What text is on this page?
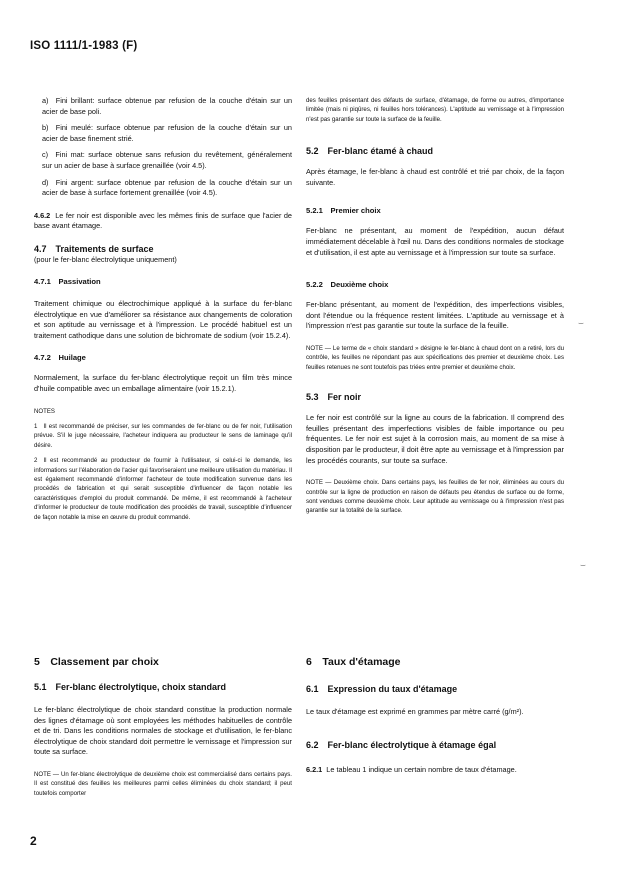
ISO 1111/1-1983 (F)

a) Fini brillant: surface obtenue par refusion de la couche d'étain sur un acier de base poli.

b) Fini meulé: surface obtenue par refusion de la couche d'étain sur un acier de base finement strié.

c) Fini mat: surface obtenue sans refusion du revêtement, généralement sur un acier de base à surface grenaillée (voir 4.5).

d) Fini argent: surface obtenue par refusion de la couche d'étain sur un acier de base à surface fortement grenaillée (voir 4.5).

4.6.2 Le fer noir est disponible avec les mêmes finis de surface que l'acier de base avant étamage.

4.7 Traitements de surface

(pour le fer-blanc électrolytique uniquement)

4.7.1 Passivation

Traitement chimique ou électrochimique appliqué à la surface du fer-blanc électrolytique en vue d'améliorer sa résistance aux changements de coloration et son aptitude au vernissage et à l'impression. Le procédé habituel est un traitement cathodique dans une solution de bichromate de sodium (voir 15.2.4).

4.7.2 Huilage

Normalement, la surface du fer-blanc électrolytique reçoit un film très mince d'huile compatible avec un emballage alimentaire (voir 15.2.1).

NOTES

1 Il est recommandé de préciser, sur les commandes de fer-blanc ou de fer noir, l'utilisation prévue. S'il le juge nécessaire, l'acheteur indiquera au producteur le sens de laminage qu'il désire.

2 Il est recommandé au producteur de fournir à l'utilisateur, si celui-ci le demande, les informations sur l'élaboration de l'acier qui favoriseraient une meilleure utilisation du matériau. Il est également recommandé d'informer l'acheteur de toute modification survenue dans les procédés de fabrication et qui serait susceptible d'influencer de façon notable les caractéristiques d'emploi du produit commandé. De même, il est recommandé à l'acheteur d'informer le producteur de toute modification des procédés de travail, susceptible d'influencer de façon notable la mise en œuvre du produit commandé.

des feuilles présentant des défauts de surface, d'étamage, de forme ou autres, d'importance limitée (mais ni piqûres, ni feuilles hors tolérances). L'aptitude au vernissage et à l'impression n'est pas garantie sur toute la surface de la feuille.

5.2 Fer-blanc étamé à chaud

Après étamage, le fer-blanc à chaud est contrôlé et trié par choix, de la façon suivante.

5.2.1 Premier choix

Fer-blanc ne présentant, au moment de l'expédition, aucun défaut immédiatement décelable à l'œil nu. Dans des conditions normales de stockage et d'utilisation, il est apte au vernissage et à l'impression sur toute sa surface.

5.2.2 Deuxième choix

Fer-blanc présentant, au moment de l'expédition, des imperfections visibles, dont l'étendue ou la fréquence restent limitées. L'aptitude au vernissage et à l'impression n'est pas garantie sur toute la surface de la feuille.

NOTE — Le terme de « choix standard » désigne le fer-blanc à chaud dont on a retiré, lors du contrôle, les feuilles ne répondant pas aux spécifications des premier et deuxième choix. Les feuilles retenues ne sont toutefois pas triées entre premier et deuxième choix.

5.3 Fer noir

Le fer noir est contrôlé sur la ligne au cours de la fabrication. Il comprend des feuilles présentant des imperfections visibles de faible importance ou peu fréquentes. Le fer noir est sujet à la corrosion mais, au moment de sa mise à disposition par le producteur, il doit être apte au vernissage et à l'impression par les procédés courants, sur toute sa surface.

NOTE — Deuxième choix. Dans certains pays, les feuilles de fer noir, éliminées au cours du contrôle sur la ligne de production en raison de défauts peu étendus de surface ou de forme, sont vendues comme deuxième choix. Leur aptitude au vernissage ou à l'impression n'est pas garantie sur la totalité de la surface.

⌣
⌣

5 Classement par choix

5.1 Fer-blanc électrolytique, choix standard

Le fer-blanc électrolytique de choix standard constitue la production normale des lignes d'étamage où sont employées les méthodes habituelles de contrôle et de tri. Dans les conditions normales de stockage et d'utilisation, le fer-blanc électrolytique de choix standard doit permettre le vernissage et l'impression sur toute sa surface.

NOTE — Un fer-blanc électrolytique de deuxième choix est commercialisé dans certains pays. Il est constitué des feuilles les meilleures parmi celles éliminées du choix standard; il peut toutefois comporter

6 Taux d'étamage

6.1 Expression du taux d'étamage

Le taux d'étamage est exprimé en grammes par mètre carré (g/m²).

6.2 Fer-blanc électrolytique à étamage égal

6.2.1 Le tableau 1 indique un certain nombre de taux d'étamage.

2
